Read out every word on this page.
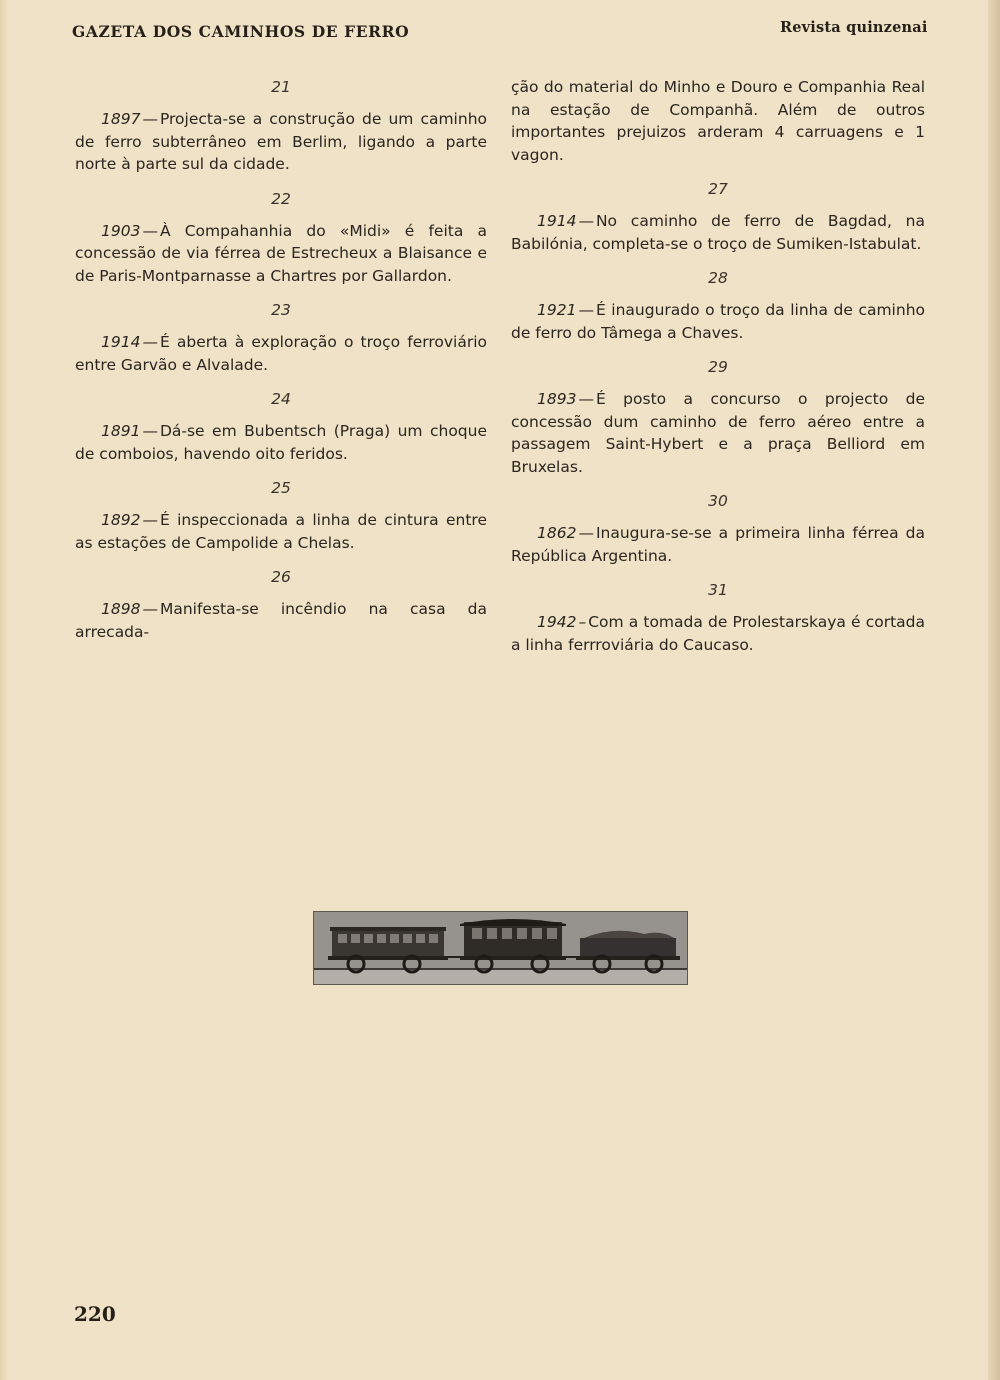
GAZETA DOS CAMINHOS DE FERRO	Revista quinzenai
21

1897 — Projecta-se a construção de um caminho de ferro subterrâneo em Berlim, ligando a parte norte à parte sul da cidade.

22

1903 — À Compahanhia do «Midi» é feita a concessão de via férrea de Estrecheux a Blaisance e de Paris-Montparnasse a Chartres por Gallardon.

23

1914 — É aberta à exploração o troço ferroviário entre Garvão e Alvalade.

24

1891 — Dá-se em Bubentsch (Praga) um choque de comboios, havendo oito feridos.

25

1892 — É inspeccionada a linha de cintura entre as estações de Campolide a Chelas.

26

1898 — Manifesta-se incêndio na casa da arrecada-

ção do material do Minho e Douro e Companhia Real na estação de Companhã. Além de outros importantes prejuizos arderam 4 carruagens e 1 vagon.

27

1914 — No caminho de ferro de Bagdad, na Babilónia, completa-se o troço de Sumiken-Istabulat.

28

1921 — É inaugurado o troço da linha de caminho de ferro do Tâmega a Chaves.

29

1893 — É posto a concurso o projecto de concessão dum caminho de ferro aéreo entre a passagem Saint-Hybert e a praça Belliord em Bruxelas.

30

1862 — Inaugura-se-se a primeira linha férrea da República Argentina.

31

1942 – Com a tomada de Prolestarskaya é cortada a linha ferrroviária do Caucaso.

220
